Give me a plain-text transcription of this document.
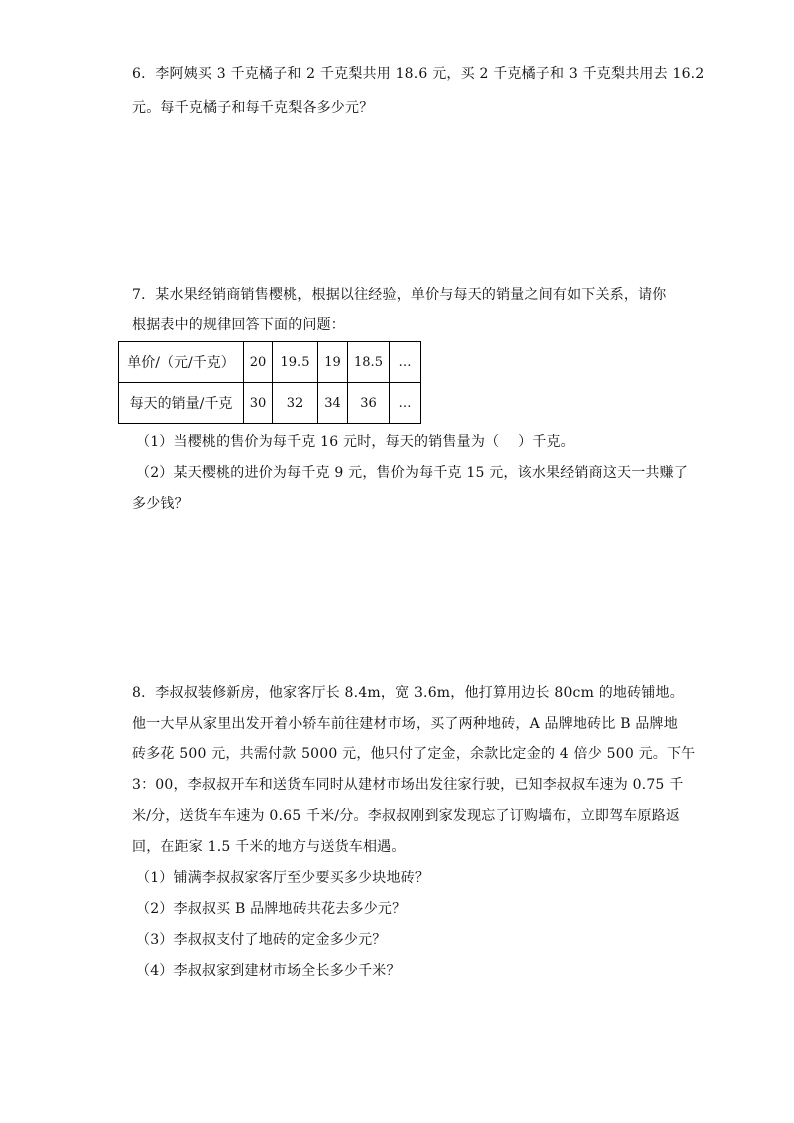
6．李阿姨买 3 千克橘子和 2 千克梨共用 18.6 元，买 2 千克橘子和 3 千克梨共用去 16.2
元。每千克橘子和每千克梨各多少元？
7．某水果经销商销售樱桃，根据以往经验，单价与每天的销量之间有如下关系，请你
根据表中的规律回答下面的问题：
单价/（元/千克）	20	19.5	19	18.5	…
每天的销量/千克	30	32	34	36	…
（1）当樱桃的售价为每千克 16 元时，每天的销售量为（　 ）千克。
（2）某天樱桃的进价为每千克 9 元，售价为每千克 15 元，该水果经销商这天一共赚了
多少钱？
8．李叔叔装修新房，他家客厅长 8.4m，宽 3.6m，他打算用边长 80cm 的地砖铺地。
他一大早从家里出发开着小轿车前往建材市场，买了两种地砖，A 品牌地砖比 B 品牌地
砖多花 500 元，共需付款 5000 元，他只付了定金，余款比定金的 4 倍少 500 元。下午
3：00，李叔叔开车和送货车同时从建材市场出发往家行驶，已知李叔叔车速为 0.75 千
米/分，送货车车速为 0.65 千米/分。李叔叔刚到家发现忘了订购墙布，立即驾车原路返
回，在距家 1.5 千米的地方与送货车相遇。
（1）铺满李叔叔家客厅至少要买多少块地砖？
（2）李叔叔买 B 品牌地砖共花去多少元？
（3）李叔叔支付了地砖的定金多少元？
（4）李叔叔家到建材市场全长多少千米？
